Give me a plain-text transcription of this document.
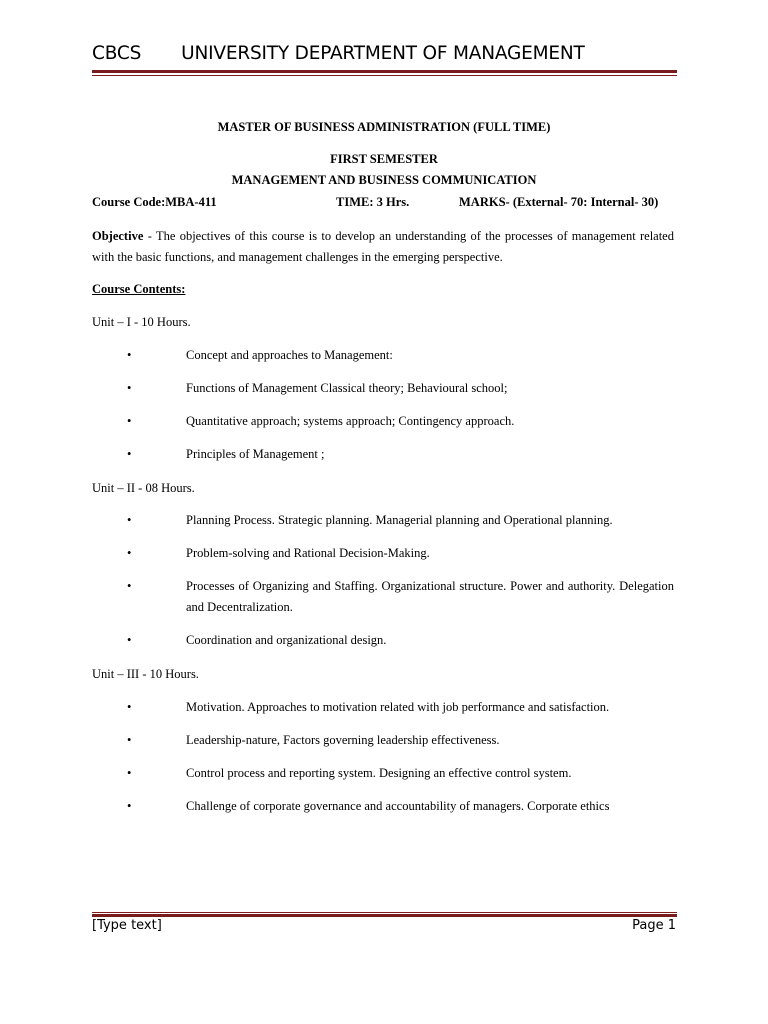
CBCS UNIVERSITY DEPARTMENT OF MANAGEMENT
MASTER OF BUSINESS ADMINISTRATION (FULL TIME)
FIRST SEMESTER
MANAGEMENT AND BUSINESS COMMUNICATION
Course Code:MBA-411	TIME: 3 Hrs.	MARKS- (External- 70: Internal- 30)

Objective - The objectives of this course is to develop an understanding of the processes of management related with the basic functions, and management challenges in the emerging perspective.

Course Contents:
Unit – I - 10 Hours.
•	Concept and approaches to Management:

•	Functions of Management Classical theory; Behavioural school;

•	Quantitative approach; systems approach; Contingency approach.

•	Principles of Management ;

Unit – II - 08 Hours.
•	Planning Process. Strategic planning. Managerial planning and Operational planning.

•	Problem-solving and Rational Decision-Making.

•	Processes of Organizing and Staffing. Organizational structure. Power and authority. Delegation and Decentralization.

•	Coordination and organizational design.

Unit – III - 10 Hours.
•	Motivation. Approaches to motivation related with job performance and satisfaction.

•	Leadership-nature, Factors governing leadership effectiveness.

•	Control process and reporting system. Designing an effective control system.

•	Challenge of corporate governance and accountability of managers. Corporate ethics

[Type text]	Page 1
